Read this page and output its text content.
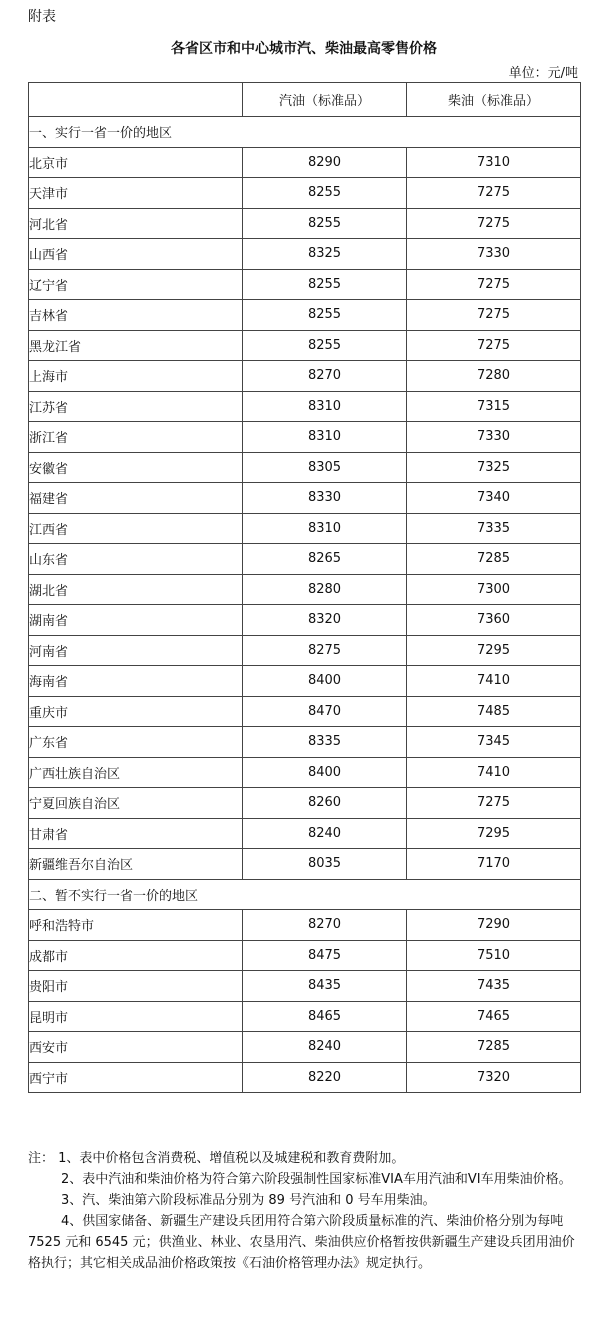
附表
各省区市和中心城市汽、柴油最高零售价格
单位：元/吨
	汽油（标准品）	柴油（标准品）
一、实行一省一价的地区		
北京市	8290	7310
天津市	8255	7275
河北省	8255	7275
山西省	8325	7330
辽宁省	8255	7275
吉林省	8255	7275
黑龙江省	8255	7275
上海市	8270	7280
江苏省	8310	7315
浙江省	8310	7330
安徽省	8305	7325
福建省	8330	7340
江西省	8310	7335
山东省	8265	7285
湖北省	8280	7300
湖南省	8320	7360
河南省	8275	7295
海南省	8400	7410
重庆市	8470	7485
广东省	8335	7345
广西壮族自治区	8400	7410
宁夏回族自治区	8260	7275
甘肃省	8240	7295
新疆维吾尔自治区	8035	7170
二、暂不实行一省一价的地区		
呼和浩特市	8270	7290
成都市	8475	7510
贵阳市	8435	7435
昆明市	8465	7465
西安市	8240	7285
西宁市	8220	7320

注： 1、表中价格包含消费税、增值税以及城建税和教育费附加。

2、表中汽油和柴油价格为符合第六阶段强制性国家标准VIA车用汽油和VI车用柴油价格。

3、汽、柴油第六阶段标准品分别为 89 号汽油和 0 号车用柴油。

4、供国家储备、新疆生产建设兵团用符合第六阶段质量标准的汽、柴油价格分别为每吨 7525 元和 6545 元；供渔业、林业、农垦用汽、柴油供应价格暂按供新疆生产建设兵团用油价格执行；其它相关成品油价格政策按《石油价格管理办法》规定执行。
